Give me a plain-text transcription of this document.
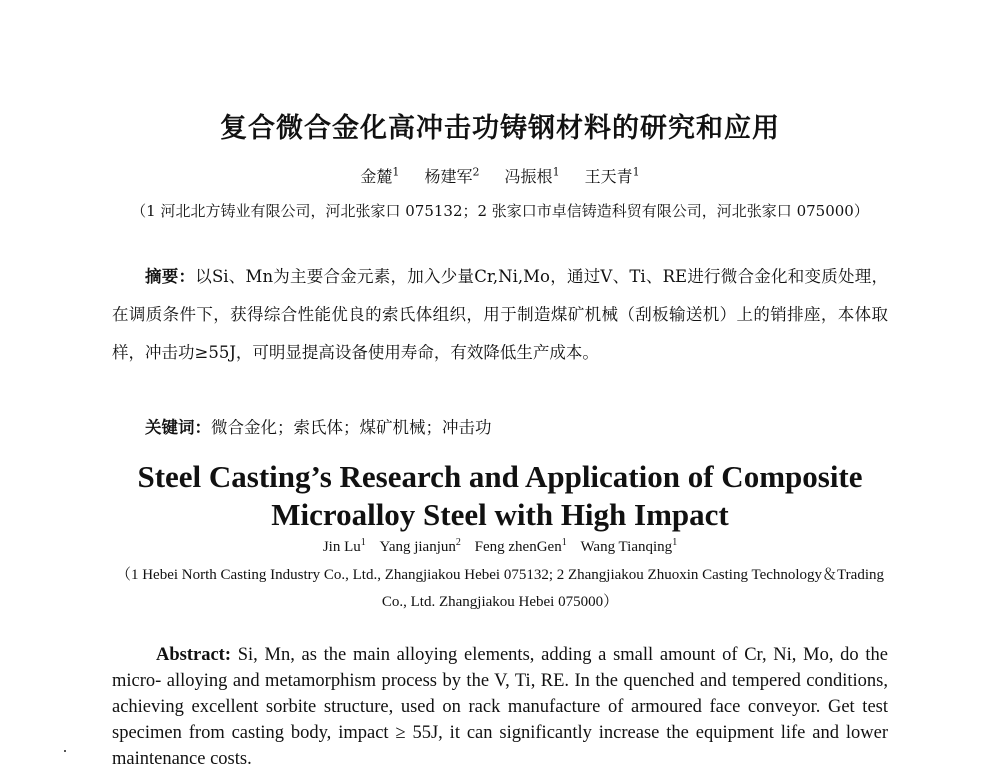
复合微合金化高冲击功铸钢材料的研究和应用
金麓$^1$ 杨建军$^2$ 冯振根$^1$ 王天青$^1$
（1 河北北方铸业有限公司，河北张家口 075132；2 张家口市卓信铸造科贸有限公司，河北张家口 075000）
摘要：以Si、Mn为主要合金元素，加入少量Cr,Ni,Mo，通过V、Ti、RE进行微合金化和变质处理，在调质条件下，获得综合性能优良的索氏体组织，用于制造煤矿机械（刮板输送机）上的销排座，本体取样，冲击功≥55J，可明显提高设备使用寿命，有效降低生产成本。
关键词：微合金化；索氏体；煤矿机械；冲击功
Steel Casting’s Research and Application of Composite
Microalloy Steel with High Impact
Jin Lu$^1$ Yang jianjun$^2$ Feng zhenGen$^1$ Wang Tianqing$^1$
（1 Hebei North Casting Industry Co., Ltd., Zhangjiakou Hebei 075132; 2 Zhangjiakou Zhuoxin Casting Technology＆Trading Co., Ltd. Zhangjiakou Hebei 075000）
Abstract: Si, Mn, as the main alloying elements, adding a small amount of Cr, Ni, Mo, do the micro- alloying and metamorphism process by the V, Ti, RE. In the quenched and tempered conditions, achieving excellent sorbite structure, used on rack manufacture of armoured face conveyor. Get test specimen from casting body, impact ≥ 55J, it can significantly increase the equipment life and lower maintenance costs.
